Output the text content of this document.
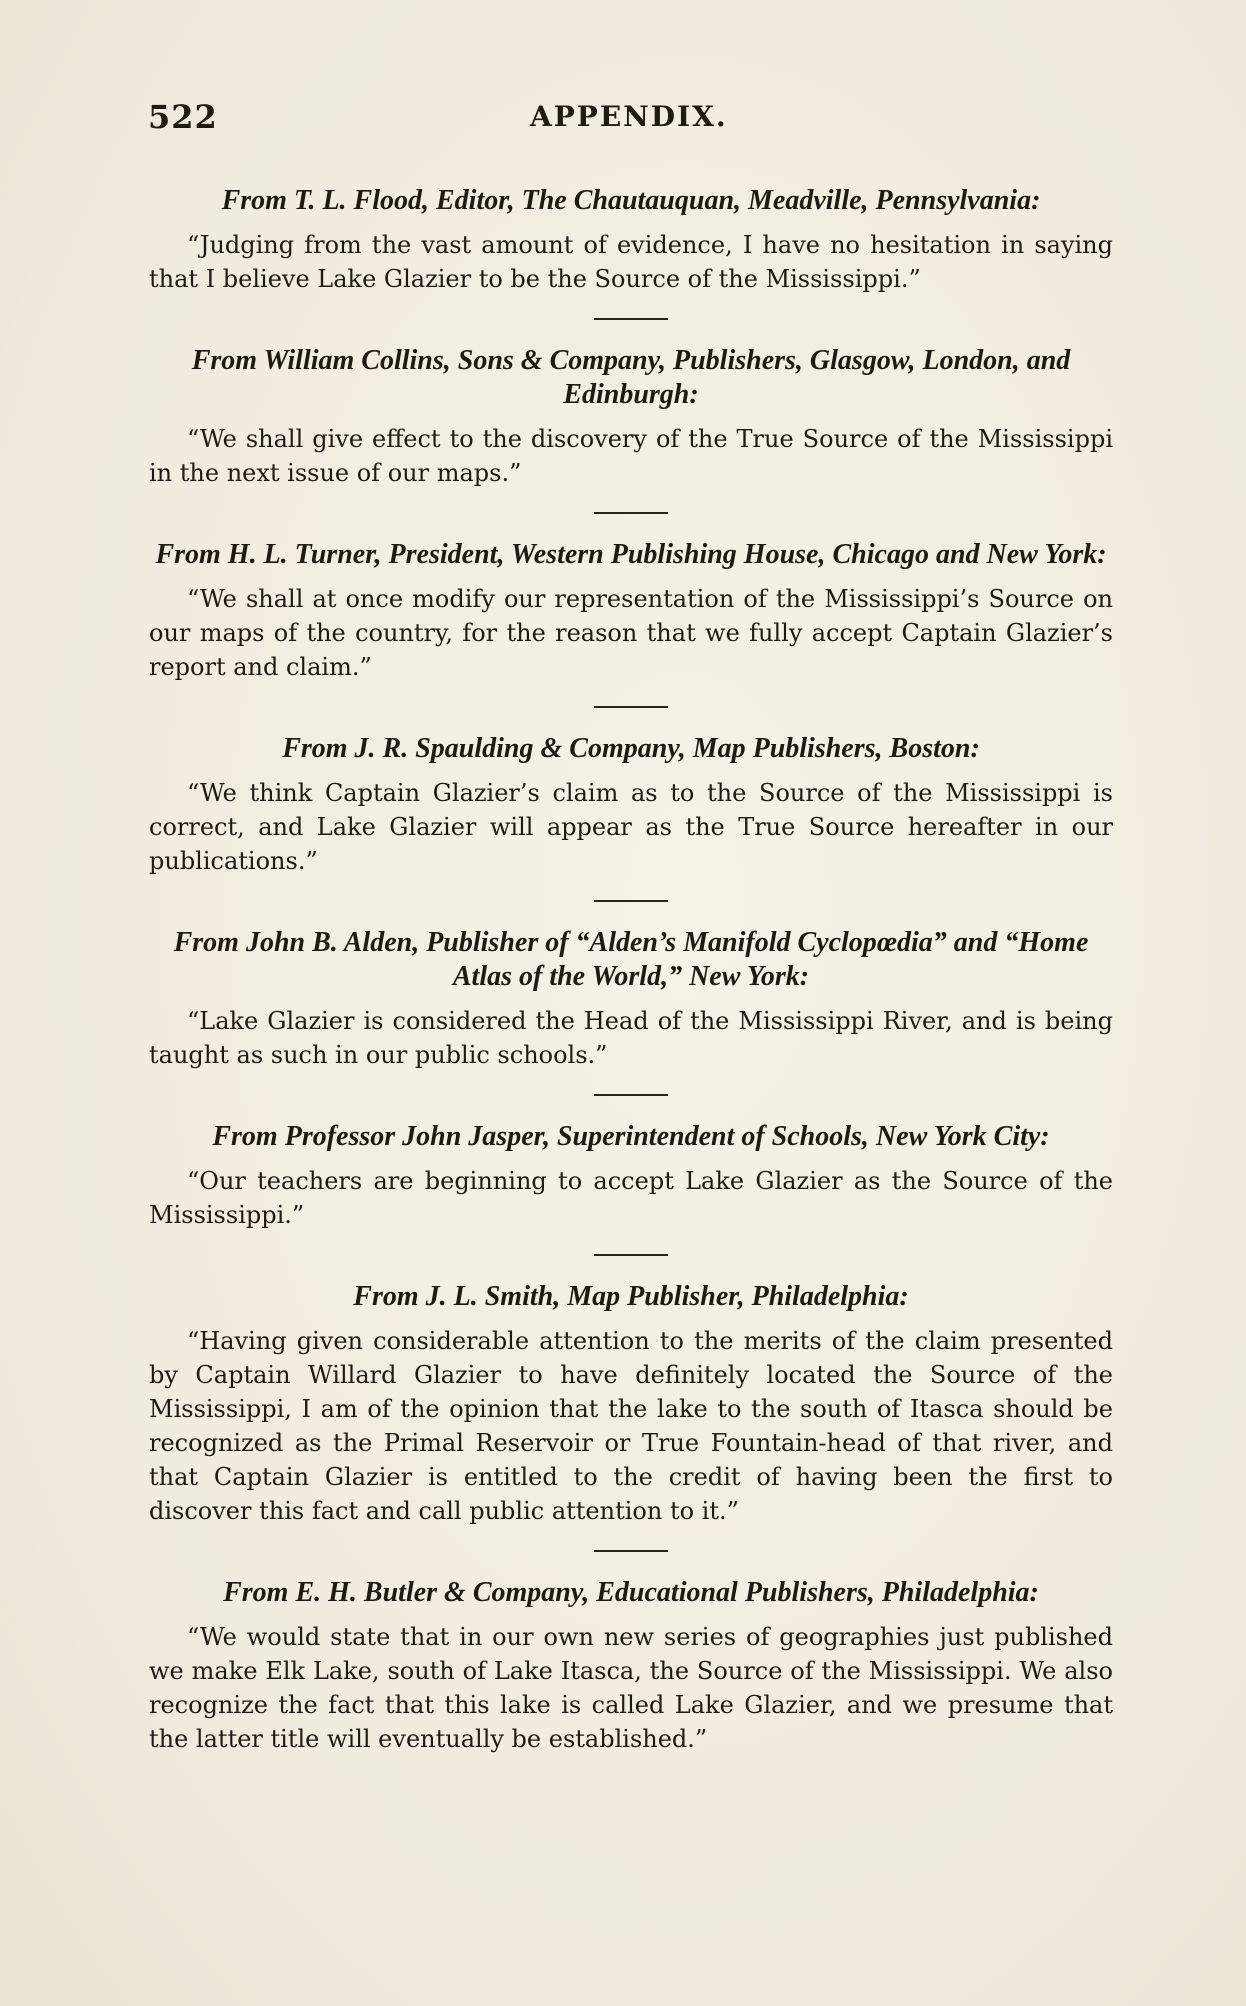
522	APPENDIX.

From T. L. Flood, Editor, The Chautauquan, Meadville, Pennsylvania:

“Judging from the vast amount of evidence, I have no hesitation in saying that I believe Lake Glazier to be the Source of the Mississippi.”

From William Collins, Sons & Company, Publishers, Glasgow, London, and Edinburgh:

“We shall give effect to the discovery of the True Source of the Mississippi in the next issue of our maps.”

From H. L. Turner, President, Western Publishing House, Chicago and New York:

“We shall at once modify our representation of the Mississippi’s Source on our maps of the country, for the reason that we fully accept Captain Glazier’s report and claim.”

From J. R. Spaulding & Company, Map Publishers, Boston:

“We think Captain Glazier’s claim as to the Source of the Mississippi is correct, and Lake Glazier will appear as the True Source hereafter in our publications.”

From John B. Alden, Publisher of “Alden’s Manifold Cyclopœdia” and “Home Atlas of the World,” New York:

“Lake Glazier is considered the Head of the Mississippi River, and is being taught as such in our public schools.”

From Professor John Jasper, Superintendent of Schools, New York City:

“Our teachers are beginning to accept Lake Glazier as the Source of the Mississippi.”

From J. L. Smith, Map Publisher, Philadelphia:

“Having given considerable attention to the merits of the claim presented by Captain Willard Glazier to have definitely located the Source of the Mississippi, I am of the opinion that the lake to the south of Itasca should be recognized as the Primal Reservoir or True Fountain-head of that river, and that Captain Glazier is entitled to the credit of having been the first to discover this fact and call public attention to it.”

From E. H. Butler & Company, Educational Publishers, Philadelphia:

“We would state that in our own new series of geographies just published we make Elk Lake, south of Lake Itasca, the Source of the Mississippi. We also recognize the fact that this lake is called Lake Glazier, and we presume that the latter title will eventually be established.”
